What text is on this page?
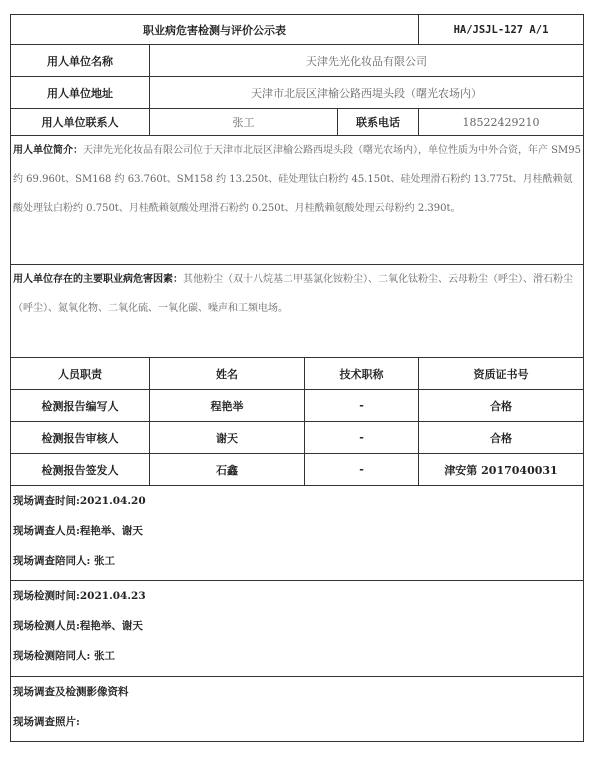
职业病危害检测与评价公示表				HA/JSJL-127 A/1
用人单位名称	天津先光化妆品有限公司			
用人单位地址	天津市北辰区津榆公路西堤头段（曙光农场内）			
用人单位联系人	张工		联系电话	18522429210
用人单位简介：天津先光化妆品有限公司位于天津市北辰区津榆公路西堤头段（曙光农场内），单位性质为中外合资，年产 SM95 约 69.960t、SM168 约 63.760t、SM158 约 13.250t、硅处理钛白粉约 45.150t、硅处理滑石粉约 13.775t、月桂酰赖氨酸处理钛白粉约 0.750t、月桂酰赖氨酸处理滑石粉约 0.250t、月桂酰赖氨酸处理云母粉约 2.390t。				
用人单位存在的主要职业病危害因素：其他粉尘（双十八烷基二甲基氯化铵粉尘）、二氧化钛粉尘、云母粉尘（呼尘）、滑石粉尘（呼尘）、氮氧化物、二氧化硫、一氧化碳、噪声和工频电场。				
人员职责	姓名	技术职称		资质证书号
检测报告编写人	程艳举	-		合格
检测报告审核人	谢天	-		合格
检测报告签发人	石鑫	-		津安第 2017040031

现场调查时间:2021.04.20
现场调查人员:程艳举、谢天
现场调查陪同人: 张工				

现场检测时间:2021.04.23
现场检测人员:程艳举、谢天
现场检测陪同人: 张工				

现场调查及检测影像资料
现场调查照片:				
